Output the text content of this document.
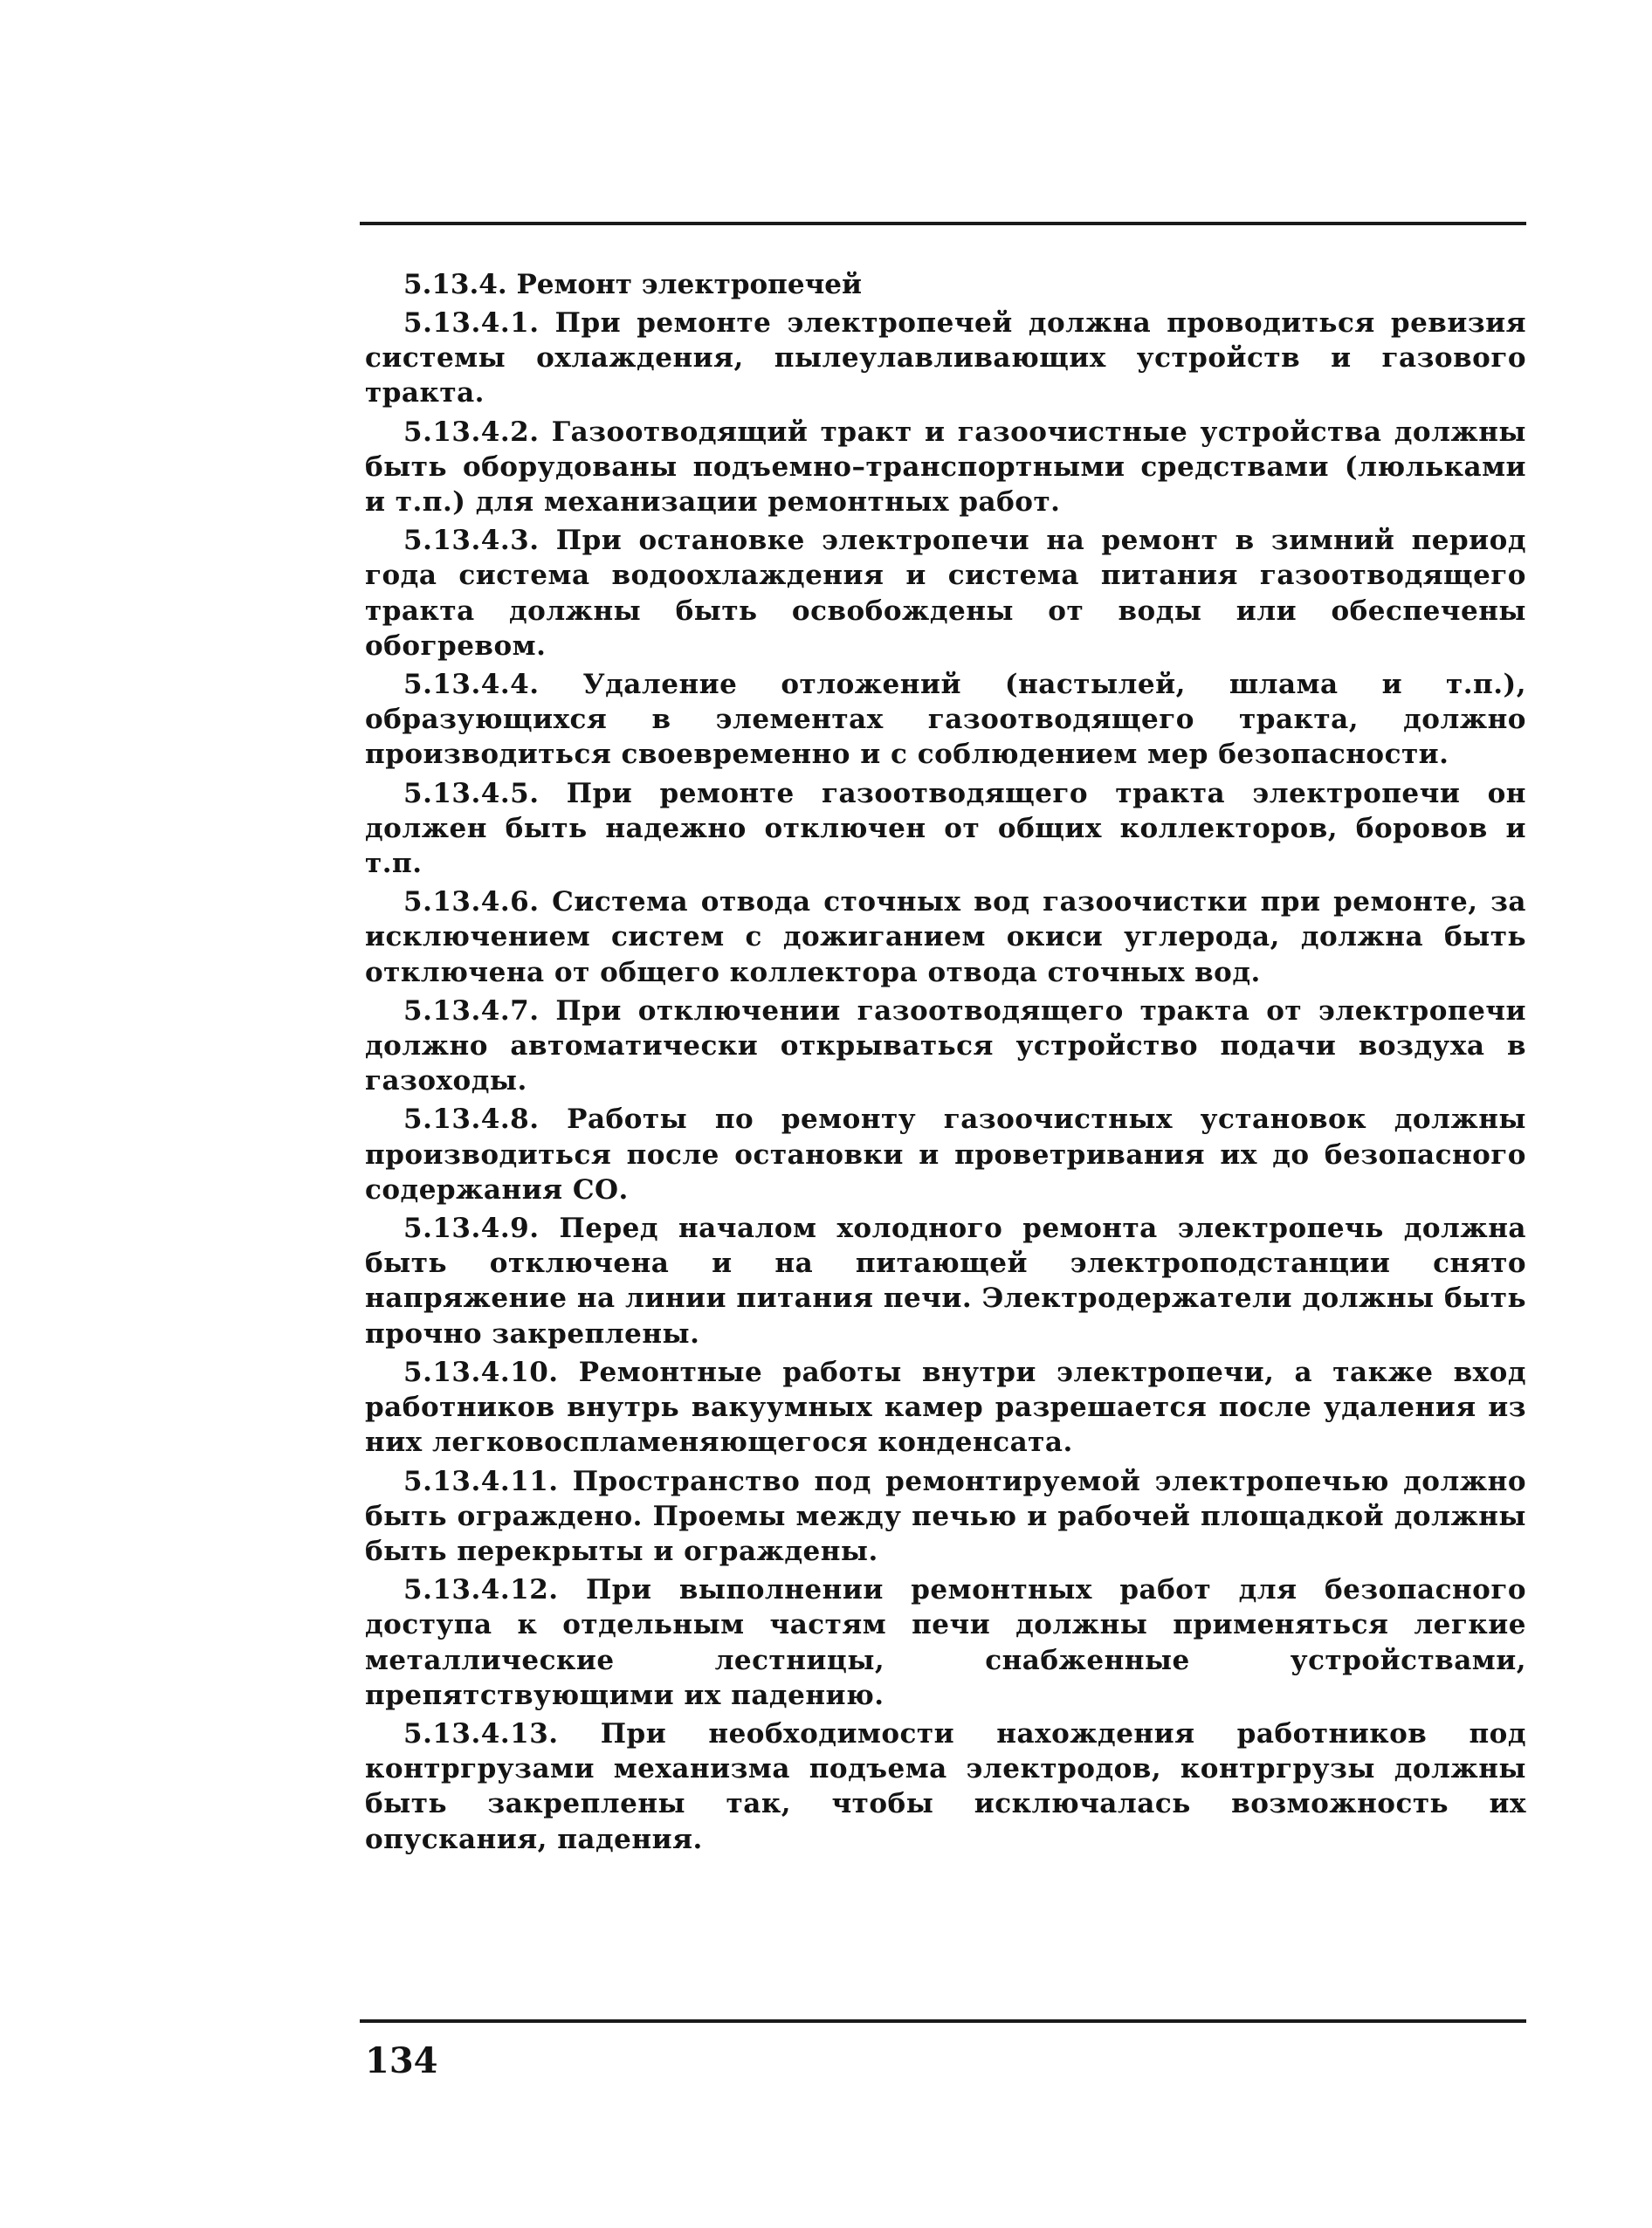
5.13.4. Ремонт электропечей

5.13.4.1. При ремонте электропечей должна проводиться ревизия системы охлаждения, пылеулавливающих устройств и газового тракта.

5.13.4.2. Газоотводящий тракт и газоочистные устройства должны быть оборудованы подъемно–транспортными средствами (люльками и т.п.) для механизации ремонтных работ.

5.13.4.3. При остановке электропечи на ремонт в зимний период года система водоохлаждения и система питания газоотводящего тракта должны быть освобождены от воды или обеспечены обогревом.

5.13.4.4. Удаление отложений (настылей, шлама и т.п.), образующихся в элементах газоотводящего тракта, должно производиться своевременно и с соблюдением мер безопасности.

5.13.4.5. При ремонте газоотводящего тракта электропечи он должен быть надежно отключен от общих коллекторов, боровов и т.п.

5.13.4.6. Система отвода сточных вод газоочистки при ремонте, за исключением систем с дожиганием окиси углерода, должна быть отключена от общего коллектора отвода сточных вод.

5.13.4.7. При отключении газоотводящего тракта от электропечи должно автоматически открываться устройство подачи воздуха в газоходы.

5.13.4.8. Работы по ремонту газоочистных установок должны производиться после остановки и проветривания их до безопасного содержания СО.

5.13.4.9. Перед началом холодного ремонта электропечь должна быть отключена и на питающей электроподстанции снято напряжение на линии питания печи. Электродержатели должны быть прочно закреплены.

5.13.4.10. Ремонтные работы внутри электропечи, а также вход работников внутрь вакуумных камер разрешается после удаления из них легковоспламеняющегося конденсата.

5.13.4.11. Пространство под ремонтируемой электропечью должно быть ограждено. Проемы между печью и рабочей площадкой должны быть перекрыты и ограждены.

5.13.4.12. При выполнении ремонтных работ для безопасного доступа к отдельным частям печи должны применяться легкие металлические лестницы, снабженные устройствами, препятствующими их падению.

5.13.4.13. При необходимости нахождения работников под контргрузами механизма подъема электродов, контргрузы должны быть закреплены так, чтобы исключалась возможность их опускания, падения.

134
